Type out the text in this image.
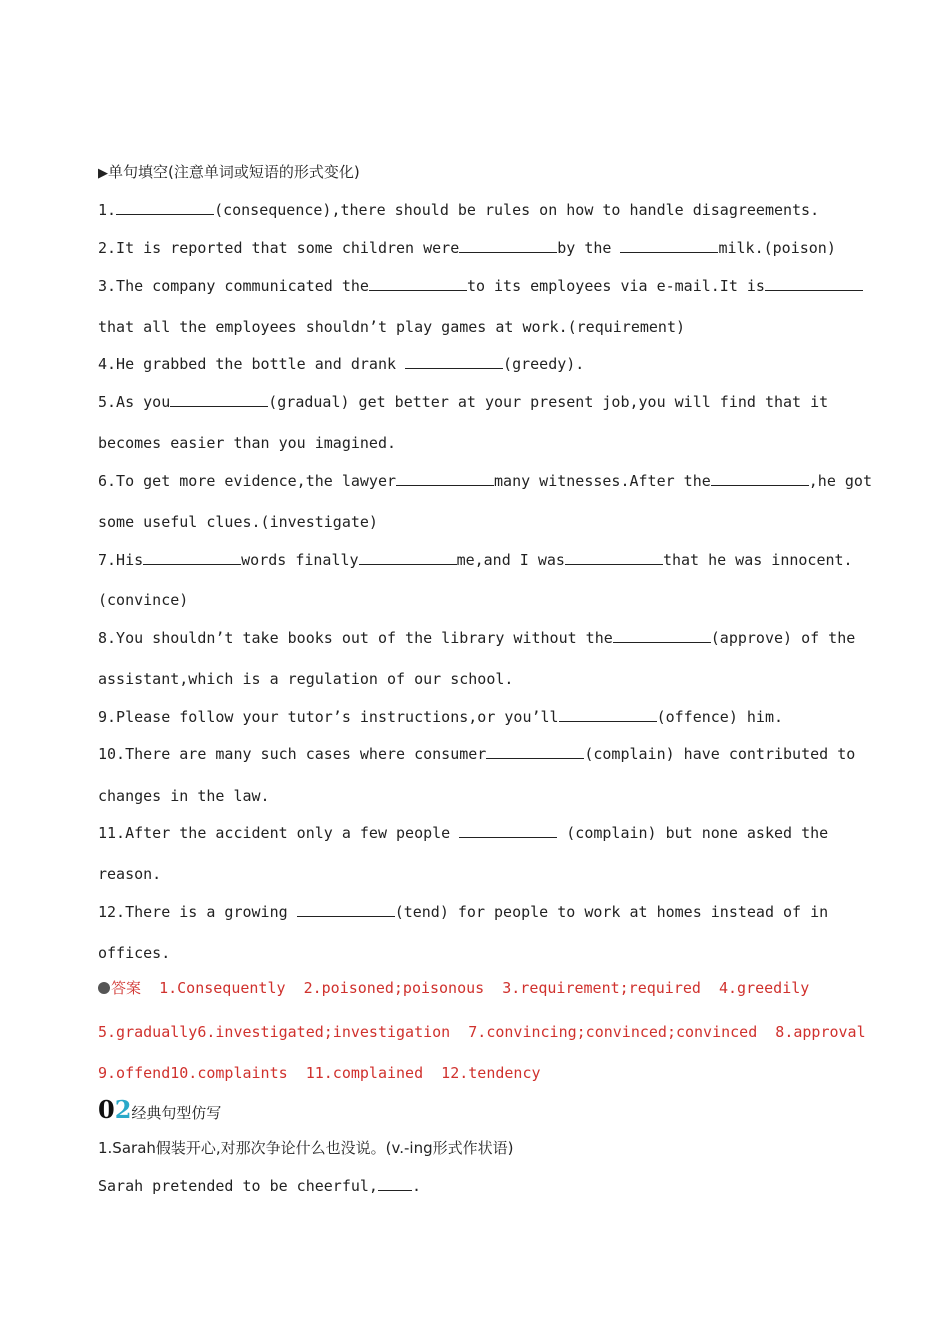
▶单句填空(注意单词或短语的形式变化)
1.	(consequence),there should be rules on how to handle disagreements.
2.It is reported that some children were	by the	milk.(poison)
3.The company communicated the	to its employees via e-mail.It is
that all the employees shouldn’t play games at work.(requirement)
4.He grabbed the bottle and drank	(greedy).
5.As you	(gradual) get better at your present job,you will find that it
becomes easier than you imagined.
6.To get more evidence,the lawyer	many witnesses.After the	,he got
some useful clues.(investigate)
7.His	words finally	me,and I was	that he was innocent.
(convince)
8.You shouldn’t take books out of the library without the	(approve) of the
assistant,which is a regulation of our school.
9.Please follow your tutor’s instructions,or you’ll	(offence) him.
10.There are many such cases where consumer	(complain) have contributed to
changes in the law.
11.After the accident only a few people	(complain) but none asked the
reason.
12.There is a growing	(tend) for people to work at homes instead of in
offices.
答案  1.Consequently  2.poisoned;poisonous  3.requirement;required  4.greedily
5.gradually6.investigated;investigation  7.convincing;convinced;convinced  8.approval
9.offend10.complaints  11.complained  12.tendency
02经典句型仿写
1.Sarah假装开心,对那次争论什么也没说。(v.-ing形式作状语)
Sarah pretended to be cheerful, .
